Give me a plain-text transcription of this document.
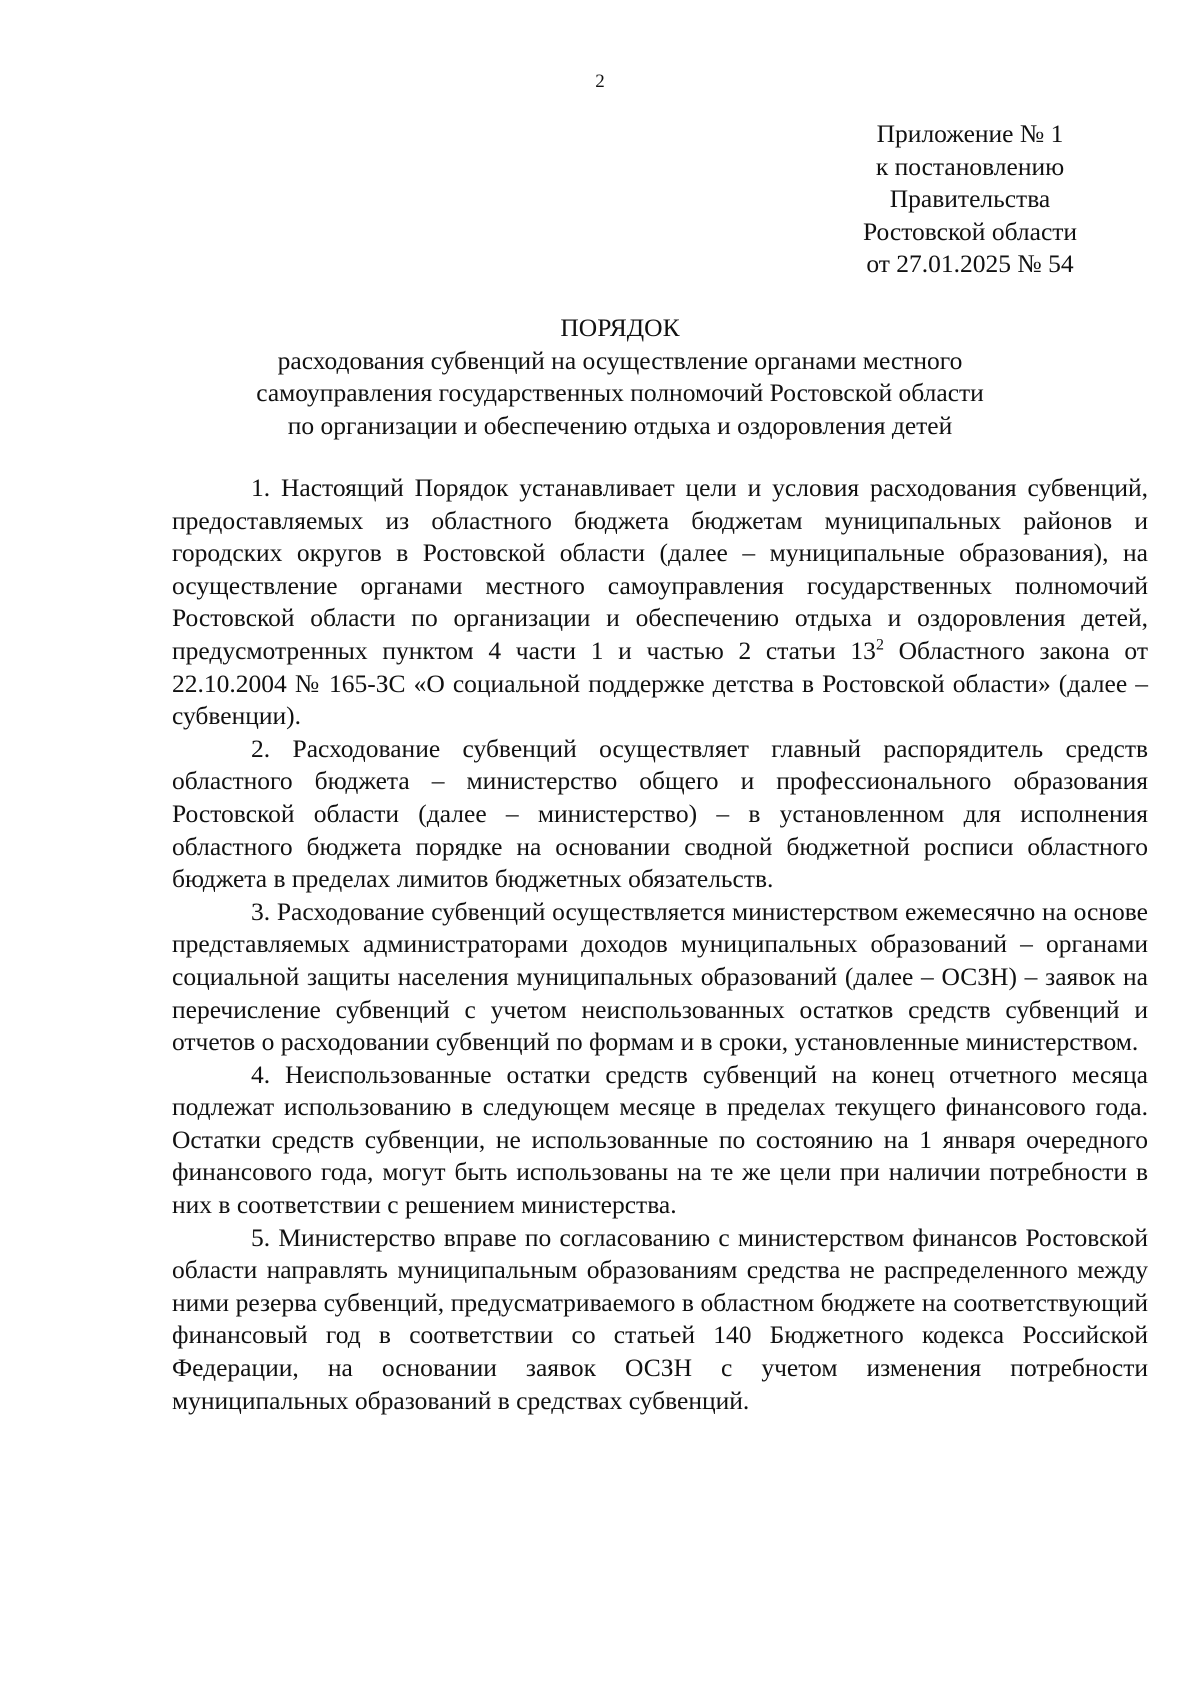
2
Приложение № 1
к постановлению
Правительства
Ростовской области
от 27.01.2025 № 54
ПОРЯДОК
расходования субвенций на осуществление органами местного
самоуправления государственных полномочий Ростовской области
по организации и обеспечению отдыха и оздоровления детей

1. Настоящий Порядок устанавливает цели и условия расходования субвенций, предоставляемых из областного бюджета бюджетам муниципальных районов и городских округов в Ростовской области (далее – муниципальные образования), на осуществление органами местного самоуправления государственных полномочий Ростовской области по организации и обеспечению отдыха и оздоровления детей, предусмотренных пунктом 4 части 1 и частью 2 статьи $13^2$ Областного закона от 22.10.2004 № 165-ЗС «О социальной поддержке детства в Ростовской области» (далее – субвенции).

2. Расходование субвенций осуществляет главный распорядитель средств областного бюджета – министерство общего и профессионального образования Ростовской области (далее – министерство) – в установленном для исполнения областного бюджета порядке на основании сводной бюджетной росписи областного бюджета в пределах лимитов бюджетных обязательств.

3. Расходование субвенций осуществляется министерством ежемесячно на основе представляемых администраторами доходов муниципальных образований – органами социальной защиты населения муниципальных образований (далее – ОСЗН) – заявок на перечисление субвенций с учетом неиспользованных остатков средств субвенций и отчетов о расходовании субвенций по формам и в сроки, установленные министерством.

4. Неиспользованные остатки средств субвенций на конец отчетного месяца подлежат использованию в следующем месяце в пределах текущего финансового года. Остатки средств субвенции, не использованные по состоянию на 1 января очередного финансового года, могут быть использованы на те же цели при наличии потребности в них в соответствии с решением министерства.

5. Министерство вправе по согласованию с министерством финансов Ростовской области направлять муниципальным образованиям средства не распределенного между ними резерва субвенций, предусматриваемого в областном бюджете на соответствующий финансовый год в соответствии со статьей 140 Бюджетного кодекса Российской Федерации, на основании заявок ОСЗН с учетом изменения потребности муниципальных образований в средствах субвенций.
